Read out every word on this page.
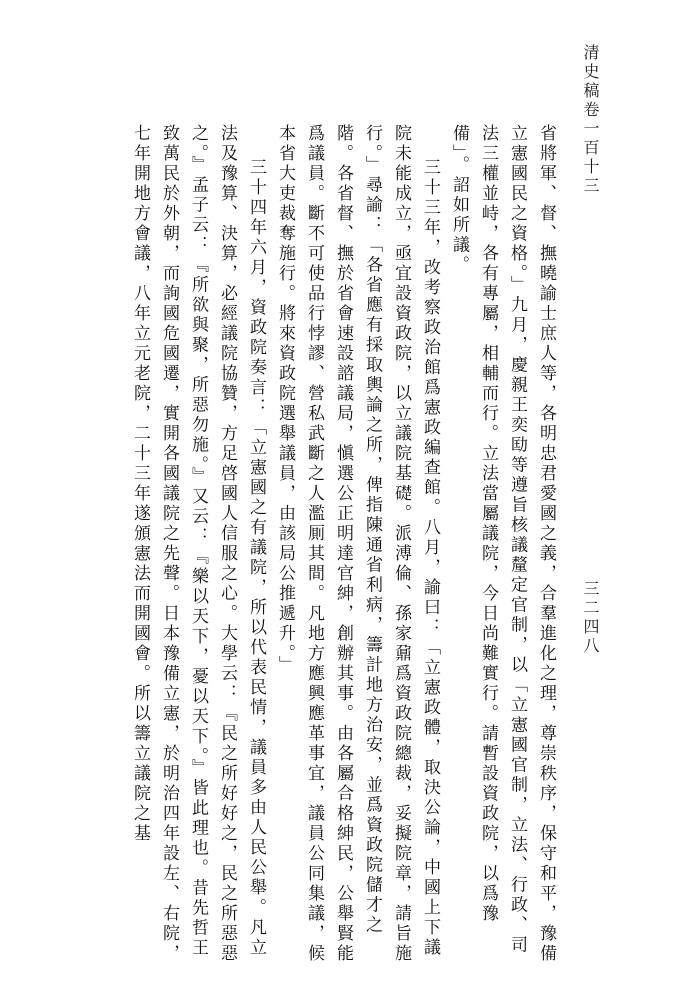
清史稿卷一百十三
三二四八

省將軍、督、撫曉諭士庶人等，各明忠君愛國之義，合羣進化之理，尊崇秩序，保守和平，豫備立憲國民之資格。」九月，慶親王奕劻等遵旨核議釐定官制，以「立憲國官制，立法、行政、司法三權並峙，各有專屬，相輔而行。立法當屬議院，今日尚難實行。請暫設資政院，以爲豫備」。詔如所議。

三十三年，改考察政治館爲憲政編查館。八月，諭曰：「立憲政體，取決公論，中國上下議院未能成立，亟宜設資政院，以立議院基礎。派溥倫、孫家鼐爲資政院總裁，妥擬院章，請旨施行。」尋諭：「各省應有採取輿論之所，俾指陳通省利病，籌計地方治安，並爲資政院儲才之階。各省督、撫於省會速設諮議局，愼選公正明達官紳，創辦其事。由各屬合格紳民，公舉賢能爲議員。斷不可使品行悖謬、營私武斷之人濫厠其間。凡地方應興應革事宜，議員公同集議，候本省大吏裁奪施行。將來資政院選舉議員，由該局公推遞升。」

三十四年六月，資政院奏言：「立憲國之有議院，所以代表民情，議員多由人民公舉。凡立法及豫算、決算，必經議院協贊，方足啓國人信服之心。大學云：『民之所好好之，民之所惡惡之。』孟子云：『所欲與聚，所惡勿施。』又云：『樂以天下，憂以天下。』皆此理也。昔先哲王致萬民於外朝，而詢國危國遷，實開各國議院之先聲。日本豫備立憲，於明治四年設左、右院，七年開地方會議，八年立元老院，二十三年遂頒憲法而開國會。所以籌立議院之基
